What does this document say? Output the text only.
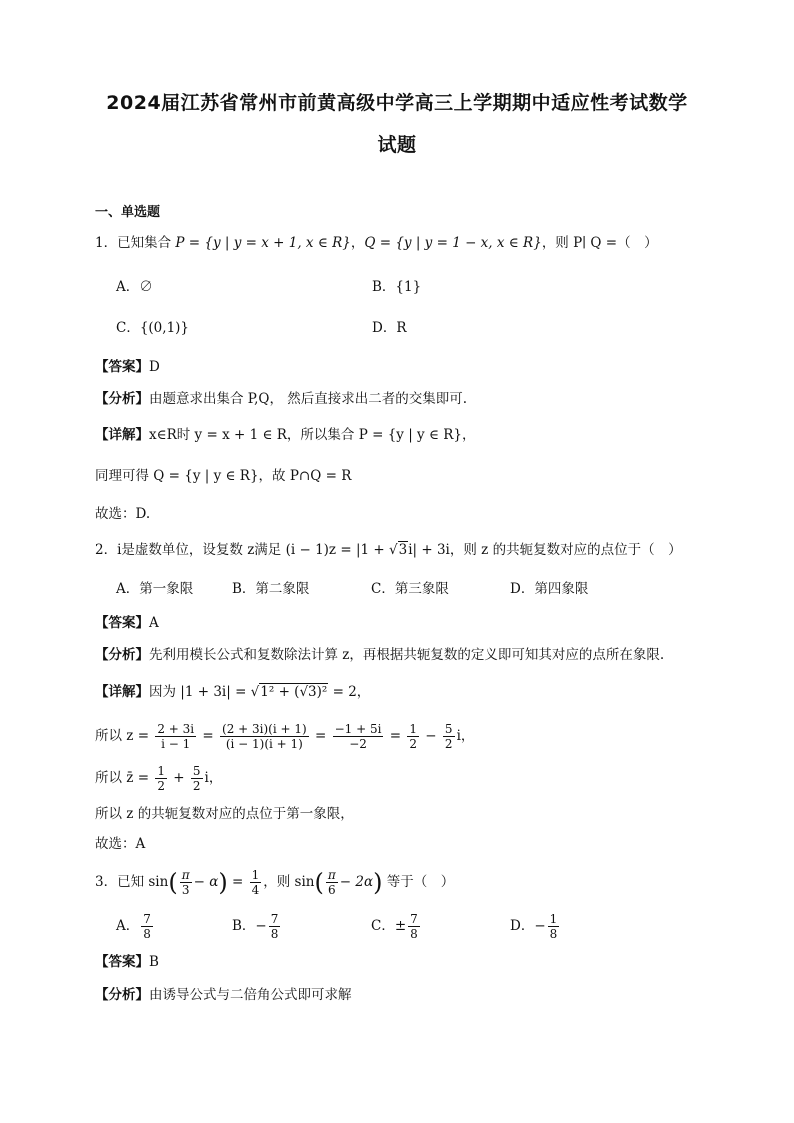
2024届江苏省常州市前黄高级中学高三上学期期中适应性考试数学
试题
一、单选题
1．已知集合 P = {y | y = x + 1, x ∈ R}，Q = {y | y = 1 − x, x ∈ R}，则 P∣ Q =（　）
A．∅	B．{1}
C．{(0,1)}	D．R
【答案】D
【分析】由题意求出集合 P,Q， 然后直接求出二者的交集即可.
【详解】x∈R时 y = x + 1 ∈ R，所以集合 P = {y | y ∈ R}，
同理可得 Q = {y | y ∈ R}，故 P∩Q = R
故选：D.
2．i是虚数单位，设复数 z满足 (i − 1)z = |1 + √3i| + 3i，则 z 的共轭复数对应的点位于（　）
A．第一象限	B．第二象限	C．第三象限	D．第四象限
【答案】A
【分析】先利用模长公式和复数除法计算 z，再根据共轭复数的定义即可知其对应的点所在象限.
【详解】因为 |1 + 3i| = √1² + (√3)² = 2，
所以 $z = \frac{2 + 3i}{i - 1} = \frac{(2 + 3i)(i + 1)}{(i - 1)(i + 1)} = \frac{-1 + 5i}{-2} = \frac{1}{2} - \frac{5}{2}$ i，
所以 z̄ = $\frac{1}{2} + \frac{5}{2}$ i，
所以 z 的共轭复数对应的点位于第一象限，
故选：A
3．已知 $\sin( \frac{\pi}{3} - \alpha) = \frac{1}{4}$ ，则 $\sin( \frac{\pi}{6} - 2\alpha)$ 等于（　）
A． $\frac{7}{8}$	B．− $\frac{7}{8}$	C．± $\frac{7}{8}$	D．− $\frac{1}{8}$
【答案】B
【分析】由诱导公式与二倍角公式即可求解
